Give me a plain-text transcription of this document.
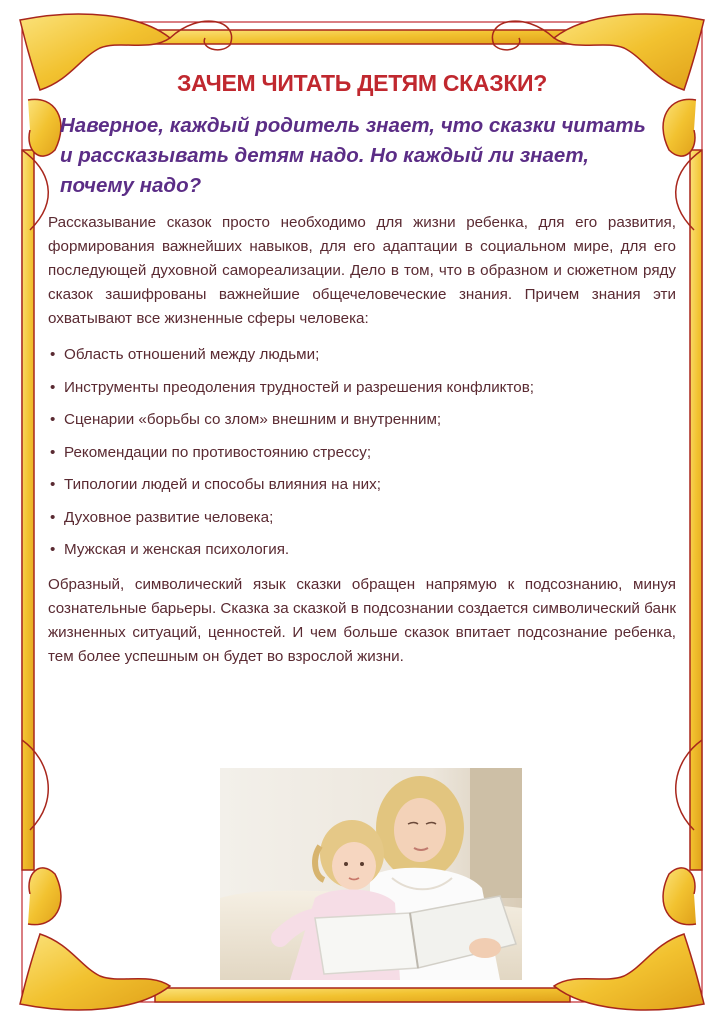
ЗАЧЕМ ЧИТАТЬ ДЕТЯМ СКАЗКИ?

Наверное, каждый родитель знает, что сказки читать и рассказывать детям надо. Но каждый ли знает, почему надо?

Рассказывание сказок просто необходимо для жизни ребенка, для его развития, формирования важнейших навыков, для его адаптации в социальном мире, для его последующей духовной самореализации. Дело в том, что в образном и сюжетном ряду сказок зашифрованы важнейшие общечеловеческие знания. Причем знания эти охватывают все жизненные сферы человека:

• Область отношений между людьми;
• Инструменты преодоления трудностей и разрешения конфликтов;
• Сценарии «борьбы со злом» внешним и внутренним;
• Рекомендации по противостоянию стрессу;
• Типологии людей и способы влияния на них;
• Духовное развитие человека;
• Мужская и женская психология.

Образный, символический язык сказки обращен напрямую к подсознанию, минуя сознательные барьеры. Сказка за сказкой в подсознании создается символический банк жизненных ситуаций, ценностей. И чем больше сказок впитает подсознание ребенка, тем более успешным он будет во взрослой жизни.
